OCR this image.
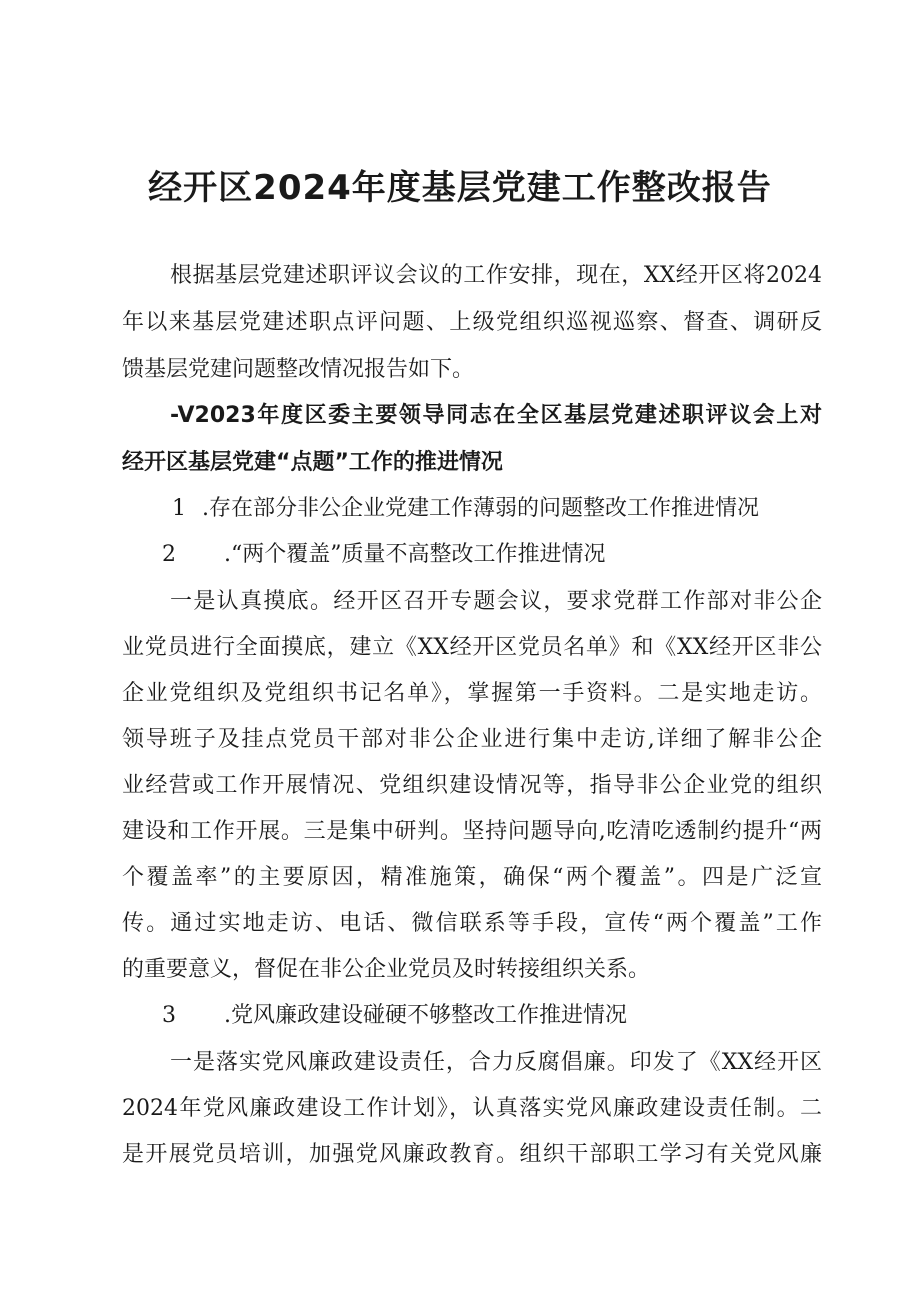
经开区2024年度基层党建工作整改报告
根据基层党建述职评议会议的工作安排，现在，XX经开区将2024
年以来基层党建述职点评问题、上级党组织巡视巡察、督查、调研反
馈基层党建问题整改情况报告如下。
-V2023年度区委主要领导同志在全区基层党建述职评议会上对
经开区基层党建“点题”工作的推进情况
1 .存在部分非公企业党建工作薄弱的问题整改工作推进情况
2 .“两个覆盖”质量不高整改工作推进情况
一是认真摸底。经开区召开专题会议，要求党群工作部对非公企
业党员进行全面摸底，建立《XX经开区党员名单》和《XX经开区非公
企业党组织及党组织书记名单》，掌握第一手资料。二是实地走访。
领导班子及挂点党员干部对非公企业进行集中走访,详细了解非公企
业经营或工作开展情况、党组织建设情况等，指导非公企业党的组织
建设和工作开展。三是集中研判。坚持问题导向,吃清吃透制约提升“两
个覆盖率”的主要原因，精准施策，确保“两个覆盖”。四是广泛宣
传。通过实地走访、电话、微信联系等手段，宣传“两个覆盖”工作
的重要意义，督促在非公企业党员及时转接组织关系。
3 .党风廉政建设碰硬不够整改工作推进情况
一是落实党风廉政建设责任，合力反腐倡廉。印发了《XX经开区
2024年党风廉政建设工作计划》，认真落实党风廉政建设责任制。二
是开展党员培训，加强党风廉政教育。组织干部职工学习有关党风廉
